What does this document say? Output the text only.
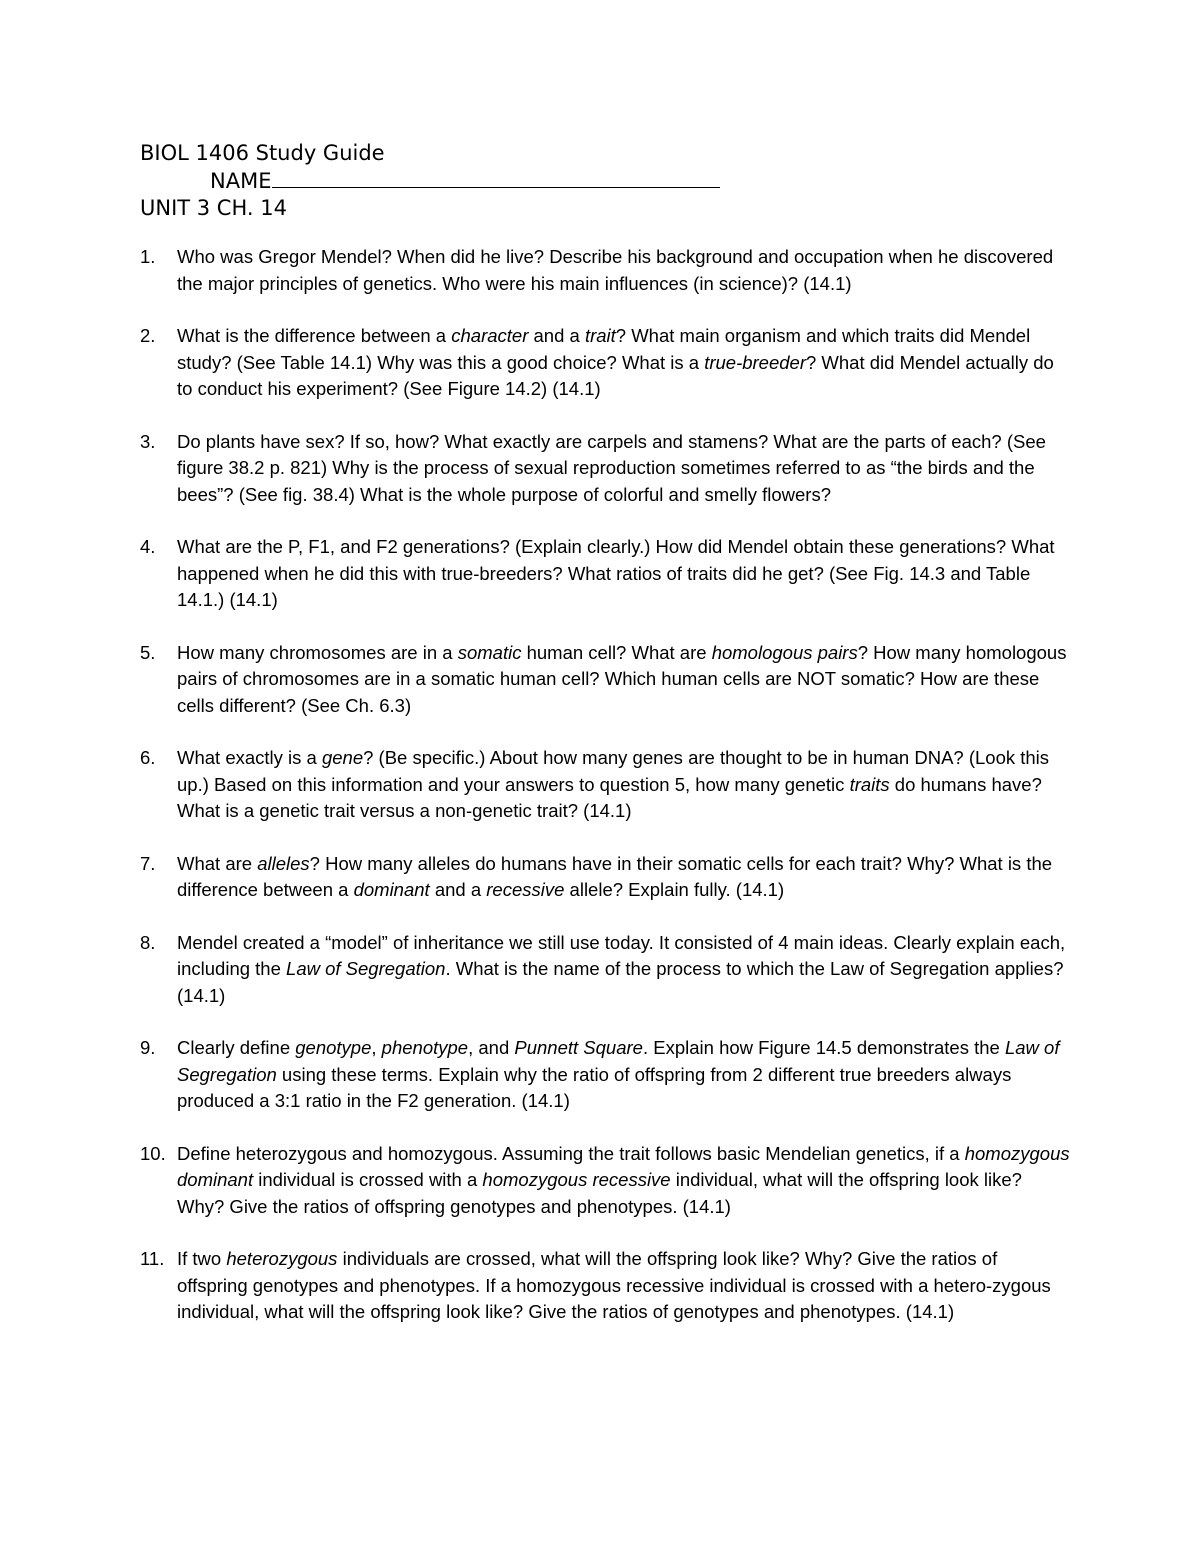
BIOL 1406 Study Guide
NAME
UNIT 3 CH. 14
1. Who was Gregor Mendel? When did he live? Describe his background and occupation when he discovered the major principles of genetics. Who were his main influences (in science)? (14.1)
2. What is the difference between a character and a trait? What main organism and which traits did Mendel study? (See Table 14.1) Why was this a good choice? What is a true-breeder? What did Mendel actually do to conduct his experiment? (See Figure 14.2) (14.1)
3. Do plants have sex? If so, how? What exactly are carpels and stamens? What are the parts of each? (See figure 38.2 p. 821) Why is the process of sexual reproduction sometimes referred to as “the birds and the bees”? (See fig. 38.4) What is the whole purpose of colorful and smelly flowers?
4. What are the P, F1, and F2 generations? (Explain clearly.) How did Mendel obtain these generations? What happened when he did this with true-breeders? What ratios of traits did he get? (See Fig. 14.3 and Table 14.1.) (14.1)
5. How many chromosomes are in a somatic human cell? What are homologous pairs? How many homologous pairs of chromosomes are in a somatic human cell? Which human cells are NOT somatic? How are these cells different? (See Ch. 6.3)
6. What exactly is a gene? (Be specific.) About how many genes are thought to be in human DNA? (Look this up.) Based on this information and your answers to question 5, how many genetic traits do humans have? What is a genetic trait versus a non-genetic trait? (14.1)
7. What are alleles? How many alleles do humans have in their somatic cells for each trait? Why? What is the difference between a dominant and a recessive allele? Explain fully. (14.1)
8. Mendel created a “model” of inheritance we still use today. It consisted of 4 main ideas. Clearly explain each, including the Law of Segregation. What is the name of the process to which the Law of Segregation applies? (14.1)
9. Clearly define genotype, phenotype, and Punnett Square. Explain how Figure 14.5 demonstrates the Law of Segregation using these terms. Explain why the ratio of offspring from 2 different true breeders always produced a 3:1 ratio in the F2 generation. (14.1)
10. Define heterozygous and homozygous. Assuming the trait follows basic Mendelian genetics, if a homozygous dominant individual is crossed with a homozygous recessive individual, what will the offspring look like? Why? Give the ratios of offspring genotypes and phenotypes. (14.1)
11. If two heterozygous individuals are crossed, what will the offspring look like? Why? Give the ratios of offspring genotypes and phenotypes. If a homozygous recessive individual is crossed with a hetero-zygous individual, what will the offspring look like? Give the ratios of genotypes and phenotypes. (14.1)
